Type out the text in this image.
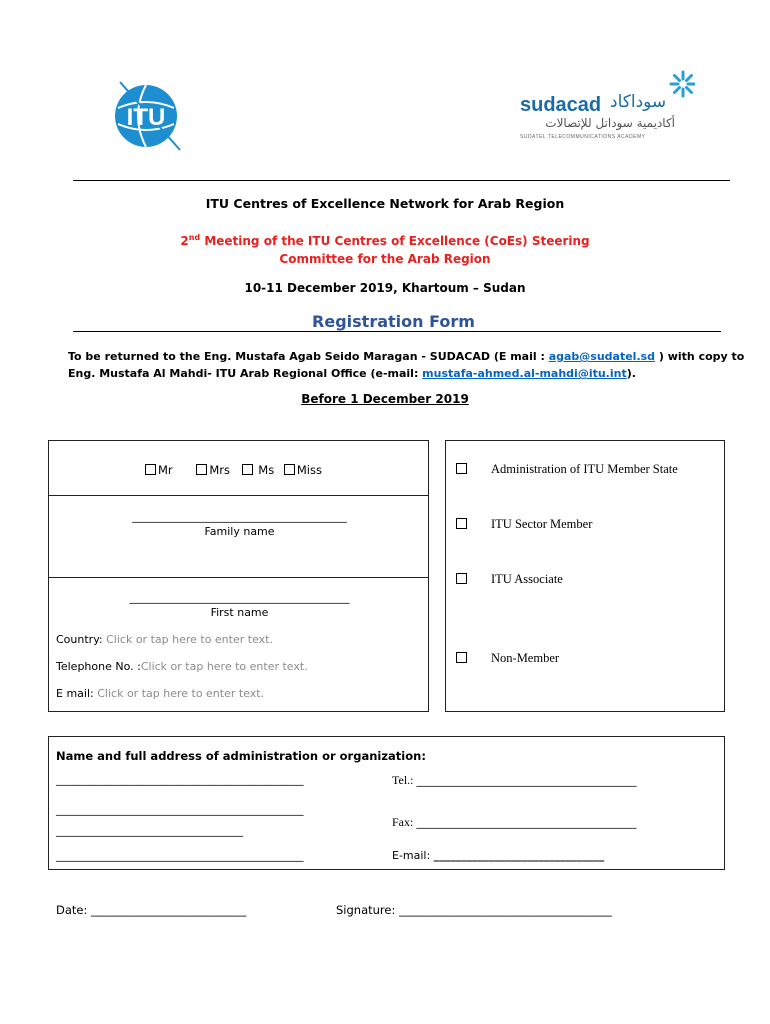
ITU	sudacad سوداكاد
أكاديمية سوداتل للإتصالات
SUDATEL TELECOMMUNICATIONS ACADEMY
ITU Centres of Excellence Network for Arab Region
2nd Meeting of the ITU Centres of Excellence (CoEs) Steering
Committee for the Arab Region
10-11 December 2019, Khartoum – Sudan
Registration Form
To be returned to the Eng. Mustafa Agab Seido Maragan - SUDACAD (E mail : agab@sudatel.sd ) with copy to
Eng. Mustafa Al Mahdi- ITU Arab Regional Office (e-mail: mustafa-ahmed.al-mahdi@itu.int).
Before 1 December 2019
Mr	Mrs  Ms Miss
_______________________________________
Family name
________________________________________
First name
Country: Click or tap here to enter text.
Telephone No. :Click or tap here to enter text.
E mail: Click or tap here to enter text.
Administration of ITU Member State
ITU Sector Member
ITU Associate
Non-Member
Name and full address of administration or organization:
_____________________________________________
_____________________________________________
__________________________________
_____________________________________________
Tel.: ________________________________________
Fax: ________________________________________
E-mail: _______________________________
Date: ___________________________	Signature: _____________________________________
